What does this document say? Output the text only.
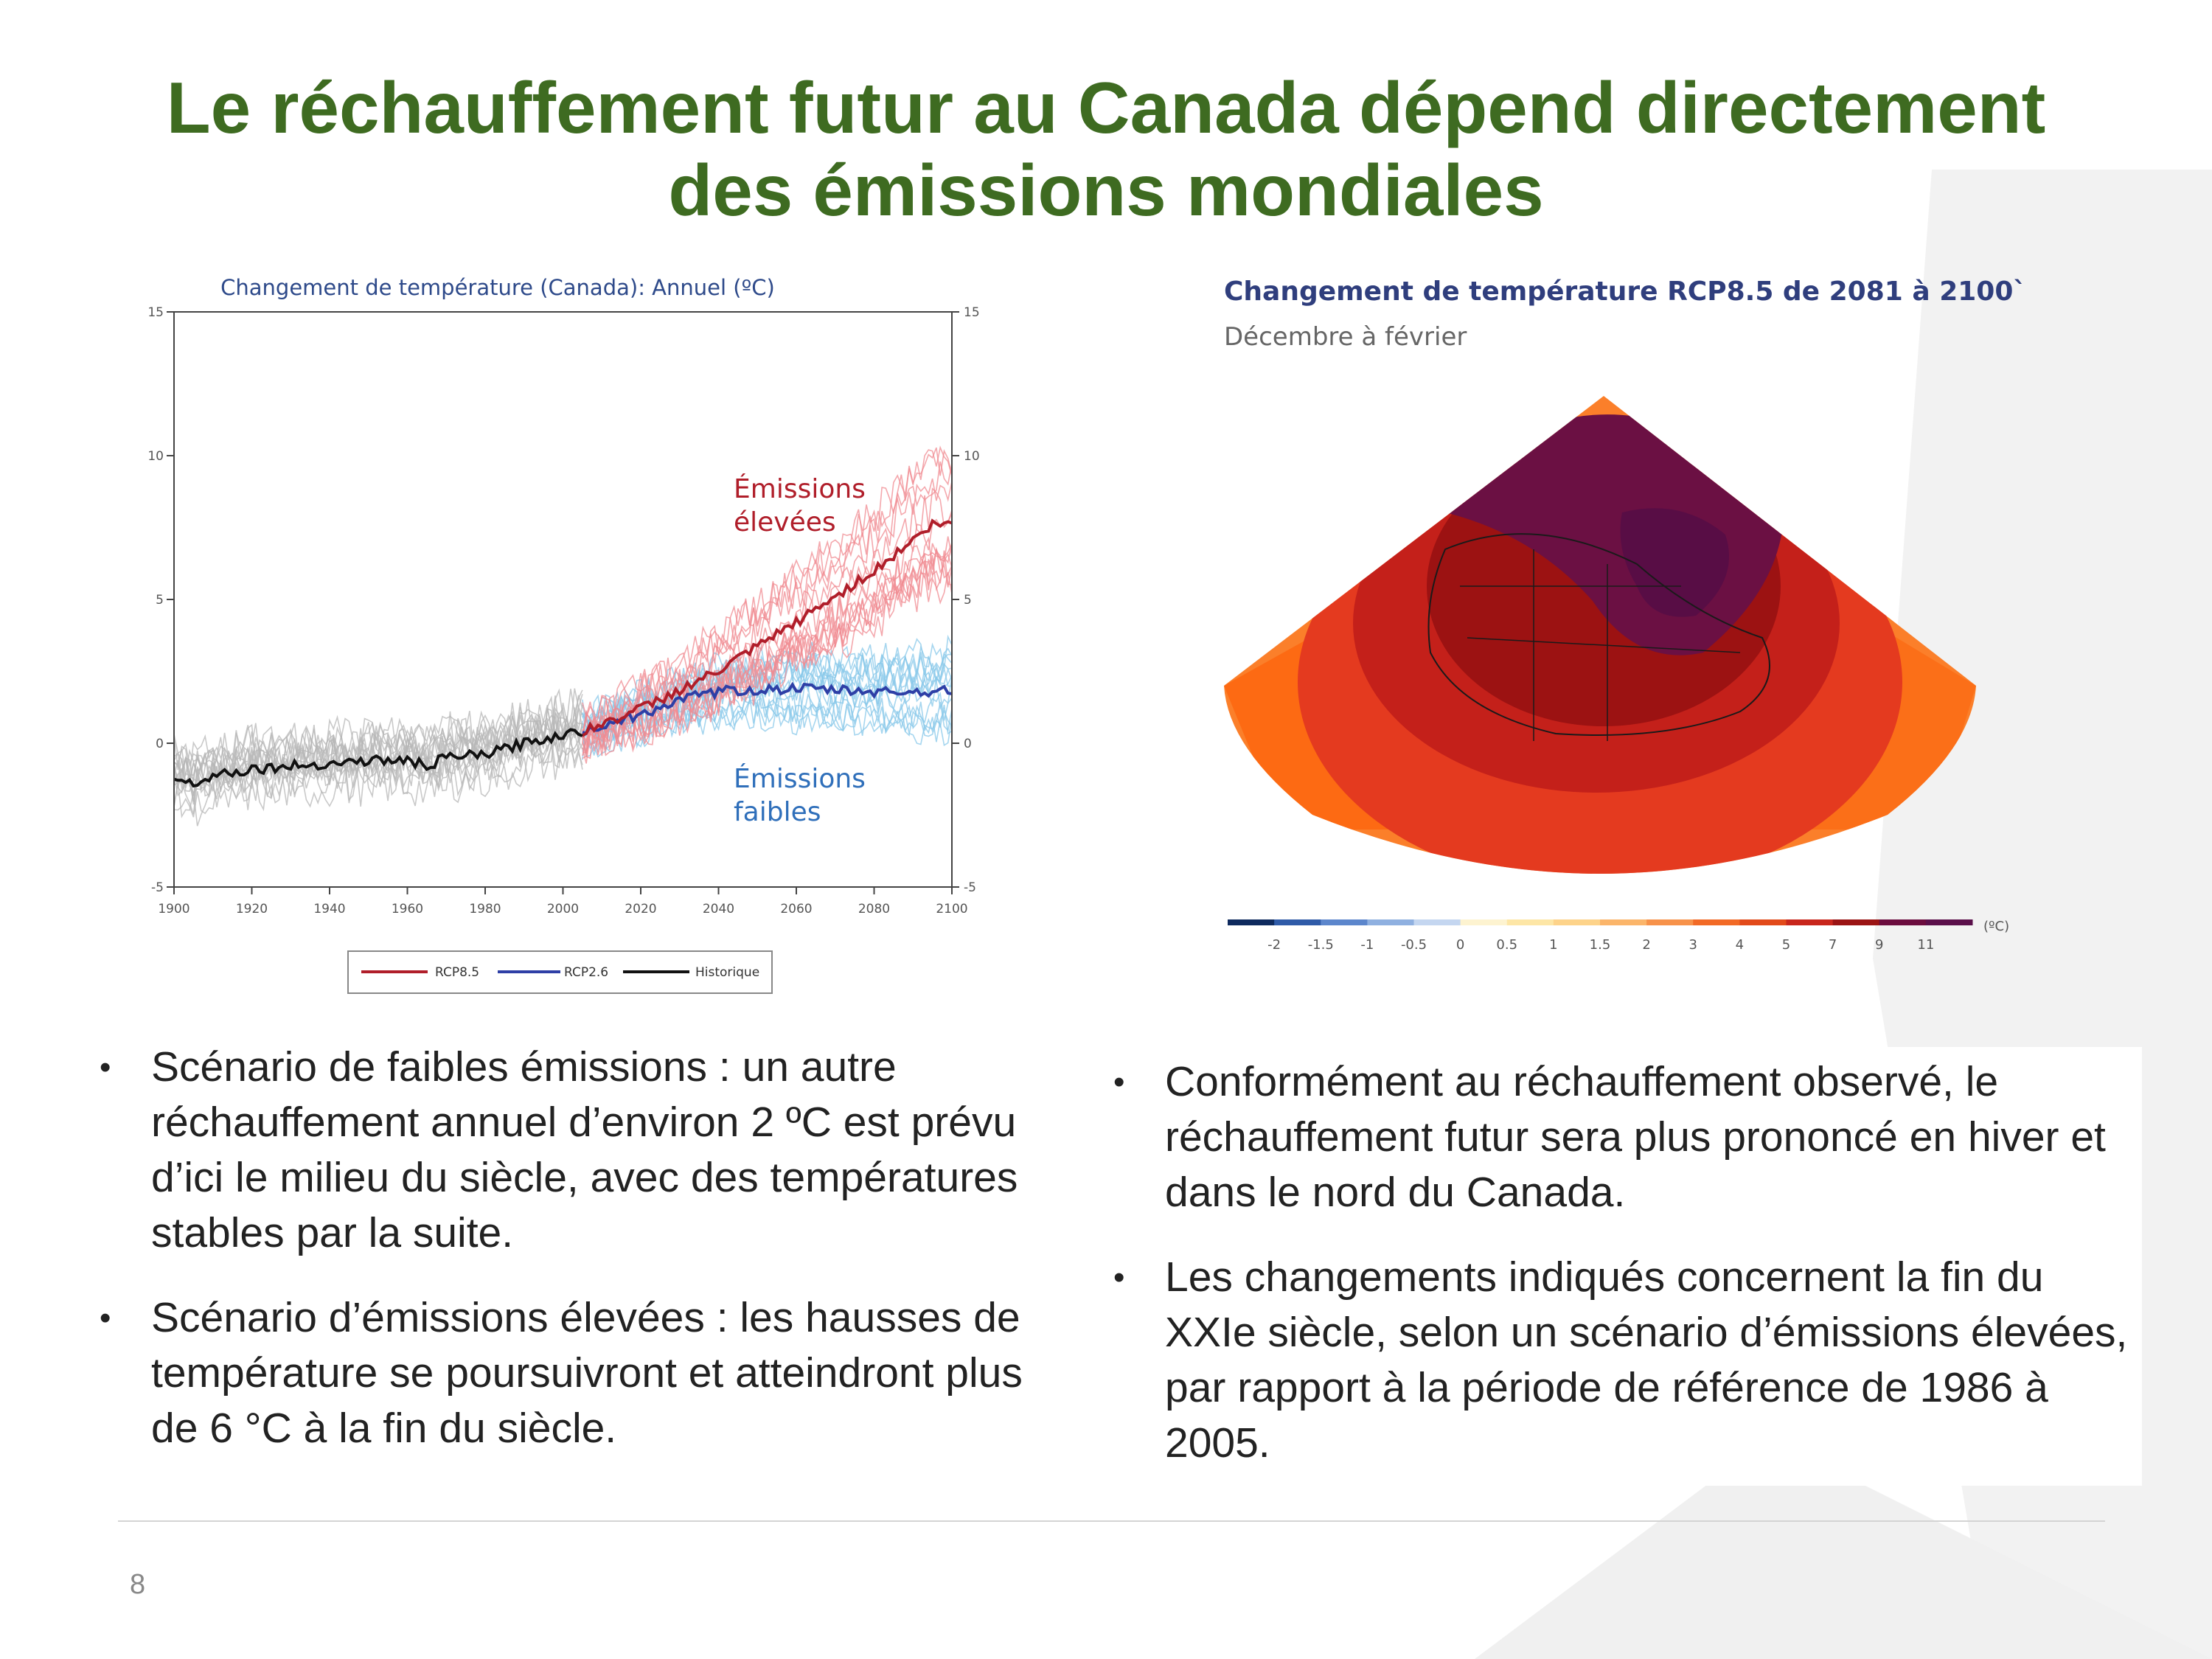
Le réchauffement futur au Canada dépend directement
des émissions mondiales
Changement de température (Canada): Annuel (ºC)
1900	1920	1940	1960	1980	2000	2020	2040	2060	2080	2100
-5	-5
0	0
5	5
10	10
15	15
Émissions
élevées
Émissions
faibles
RCP8.5	RCP2.6	Historique
Changement de température RCP8.5 de 2081 à 2100`
Décembre à février
-2 -1.5 -1 -0.5 0 0.5 1 1.5 2	3	4	5	7	9	11
(ºC)
• Scénario de faibles émissions : un autre réchauffement annuel d’environ 2 ºC est prévu d’ici le milieu du siècle, avec des températures stables par la suite.
• Scénario d’émissions élevées : les hausses de température se poursuivront et atteindront plus de 6 °C à la fin du siècle.
• Conformément au réchauffement observé, le réchauffement futur sera plus prononcé en hiver et dans le nord du Canada.
• Les changements indiqués concernent la fin du XXIe siècle, selon un scénario d’émissions élevées, par rapport à la période de référence de 1986 à 2005.
8
